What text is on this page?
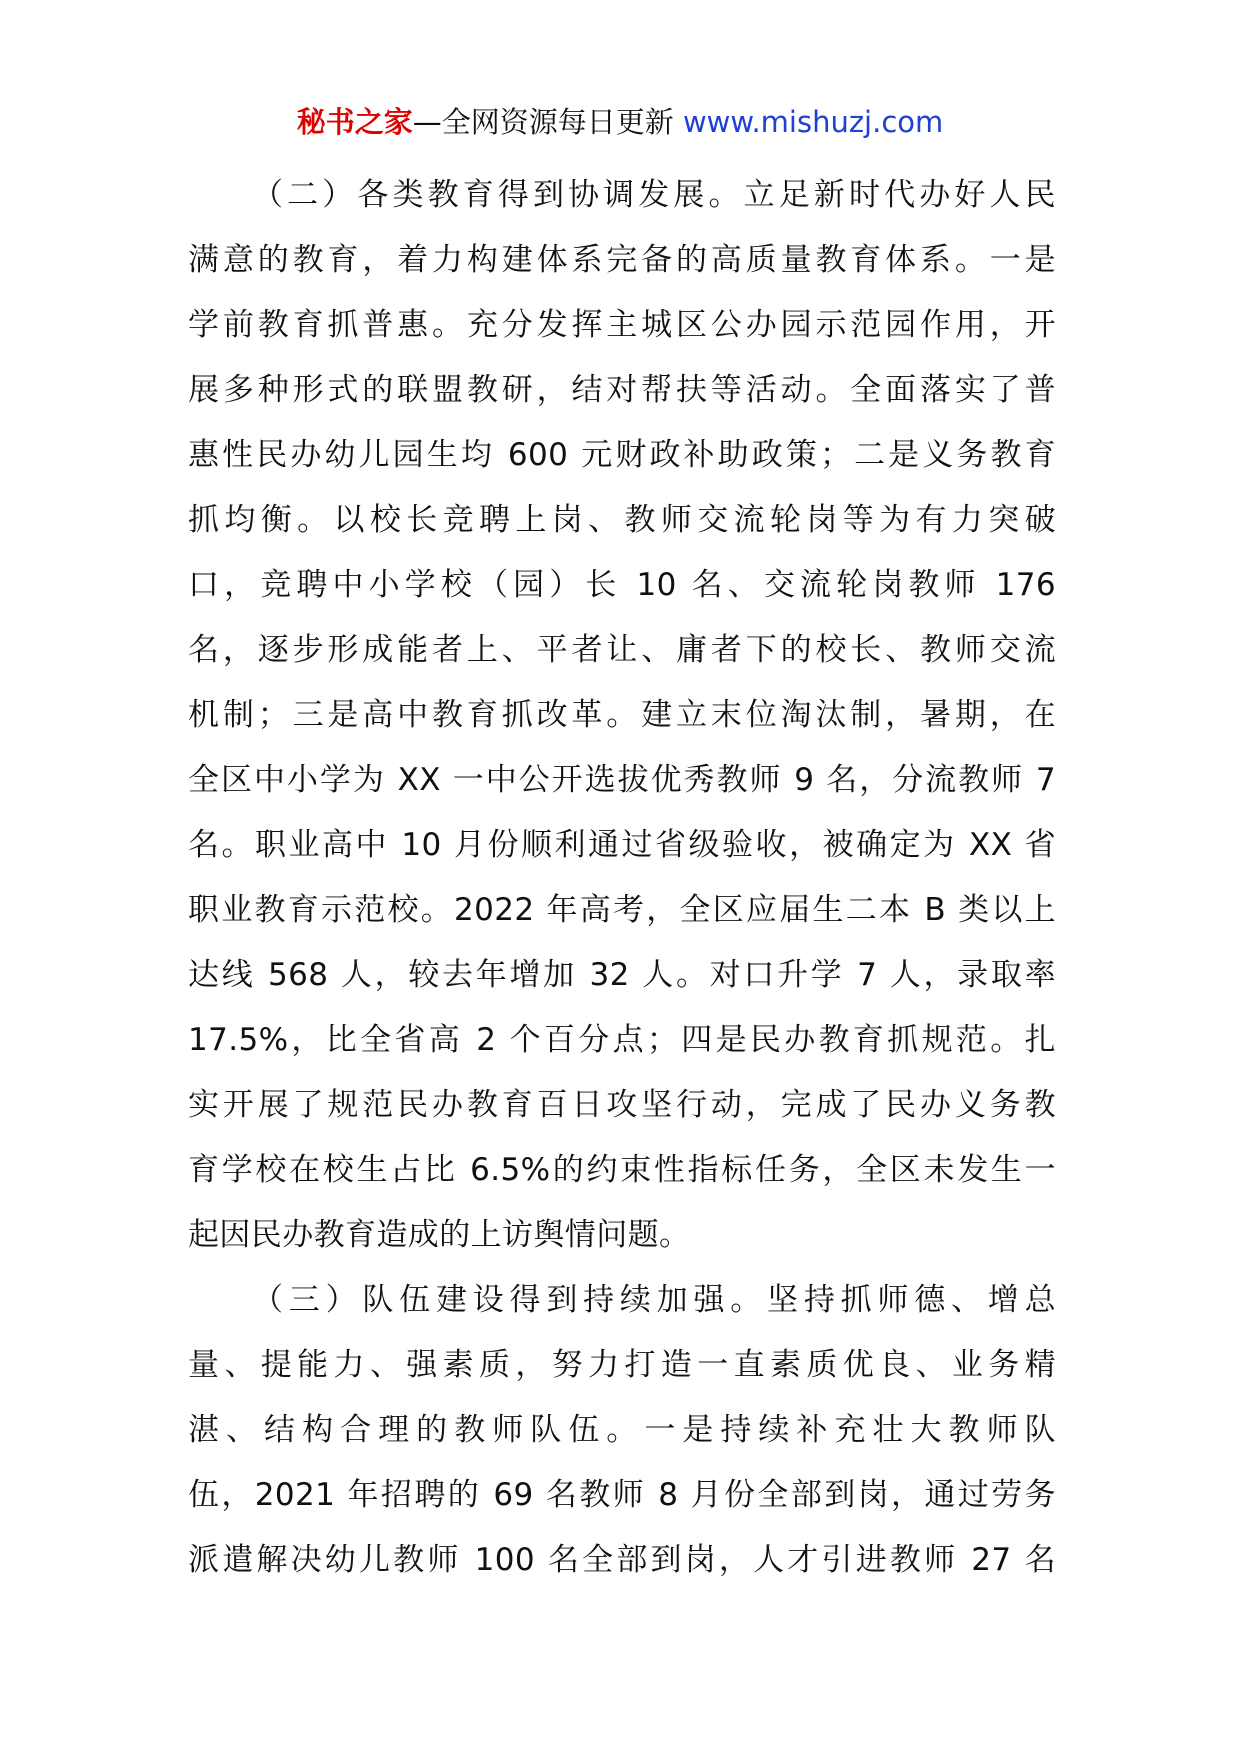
秘书之家—全网资源每日更新 www.mishuzj.com

（二）各类教育得到协调发展。立足新时代办好人民
满意的教育，着力构建体系完备的高质量教育体系。一是
学前教育抓普惠。充分发挥主城区公办园示范园作用，开
展多种形式的联盟教研，结对帮扶等活动。全面落实了普
惠性民办幼儿园生均 600 元财政补助政策；二是义务教育
抓均衡。以校长竞聘上岗、教师交流轮岗等为有力突破
口，竞聘中小学校（园）长 10 名、交流轮岗教师 176
名，逐步形成能者上、平者让、庸者下的校长、教师交流
机制；三是高中教育抓改革。建立末位淘汰制，暑期，在
全区中小学为 XX 一中公开选拔优秀教师 9 名，分流教师 7
名。职业高中 10 月份顺利通过省级验收，被确定为 XX 省
职业教育示范校。2022 年高考，全区应届生二本 B 类以上
达线 568 人，较去年增加 32 人。对口升学 7 人，录取率
17.5%，比全省高 2 个百分点；四是民办教育抓规范。扎
实开展了规范民办教育百日攻坚行动，完成了民办义务教
育学校在校生占比 6.5%的约束性指标任务，全区未发生一
起因民办教育造成的上访舆情问题。

（三）队伍建设得到持续加强。坚持抓师德、增总
量、提能力、强素质，努力打造一直素质优良、业务精
湛、结构合理的教师队伍。一是持续补充壮大教师队
伍，2021 年招聘的 69 名教师 8 月份全部到岗，通过劳务
派遣解决幼儿教师 100 名全部到岗，人才引进教师 27 名
